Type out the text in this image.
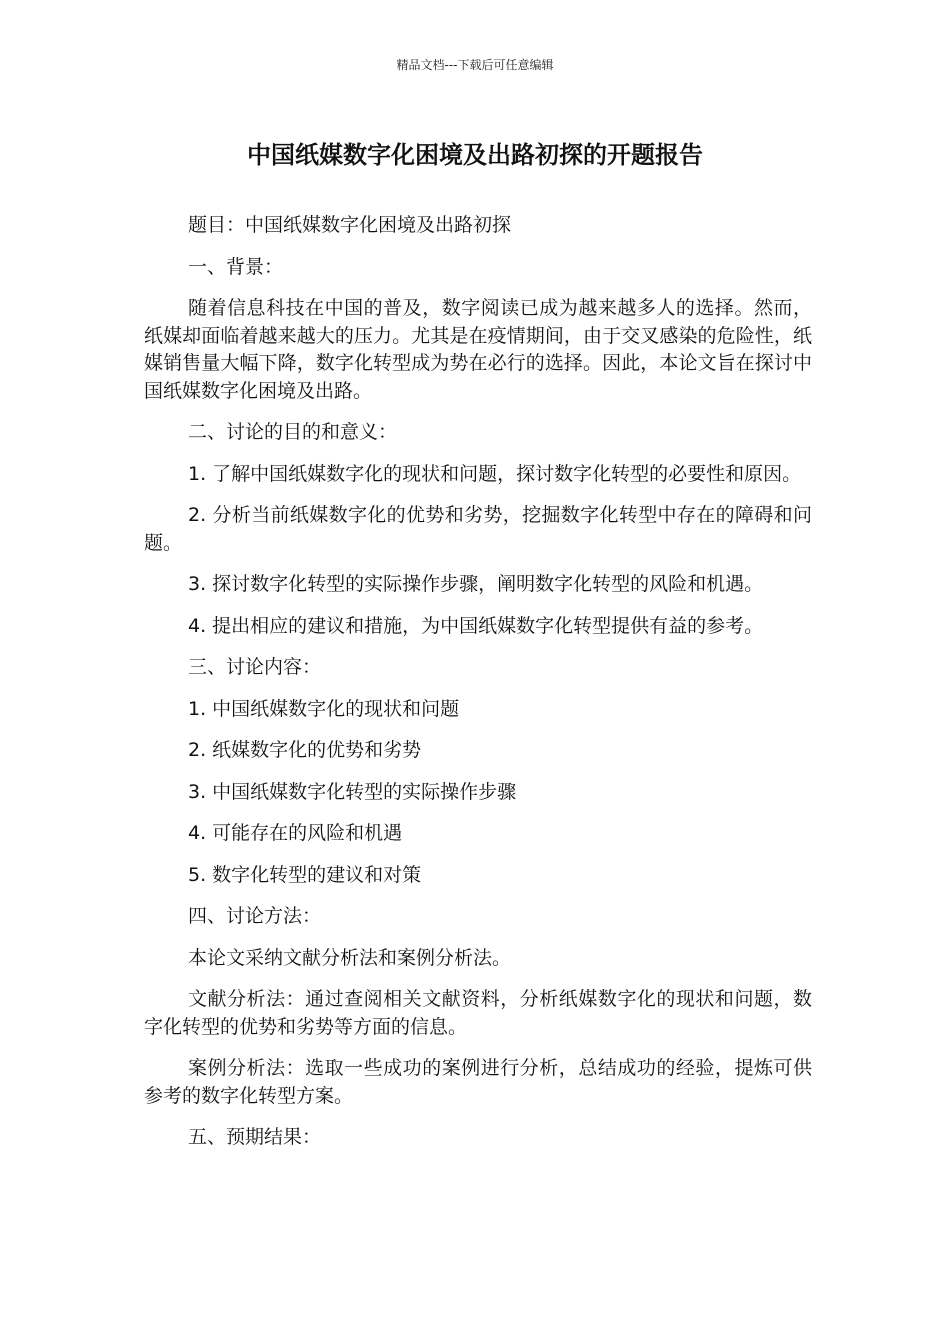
精品文档---下载后可任意编辑
中国纸媒数字化困境及出路初探的开题报告

题目：中国纸媒数字化困境及出路初探

一、背景：

随着信息科技在中国的普及，数字阅读已成为越来越多人的选择。然而，纸媒却面临着越来越大的压力。尤其是在疫情期间，由于交叉感染的危险性，纸媒销售量大幅下降，数字化转型成为势在必行的选择。因此，本论文旨在探讨中国纸媒数字化困境及出路。

二、讨论的目的和意义：

1. 了解中国纸媒数字化的现状和问题，探讨数字化转型的必要性和原因。

2. 分析当前纸媒数字化的优势和劣势，挖掘数字化转型中存在的障碍和问题。

3. 探讨数字化转型的实际操作步骤，阐明数字化转型的风险和机遇。

4. 提出相应的建议和措施，为中国纸媒数字化转型提供有益的参考。

三、讨论内容：

1. 中国纸媒数字化的现状和问题

2. 纸媒数字化的优势和劣势

3. 中国纸媒数字化转型的实际操作步骤

4. 可能存在的风险和机遇

5. 数字化转型的建议和对策

四、讨论方法：

本论文采纳文献分析法和案例分析法。

文献分析法：通过查阅相关文献资料，分析纸媒数字化的现状和问题，数字化转型的优势和劣势等方面的信息。

案例分析法：选取一些成功的案例进行分析，总结成功的经验，提炼可供参考的数字化转型方案。

五、预期结果：
